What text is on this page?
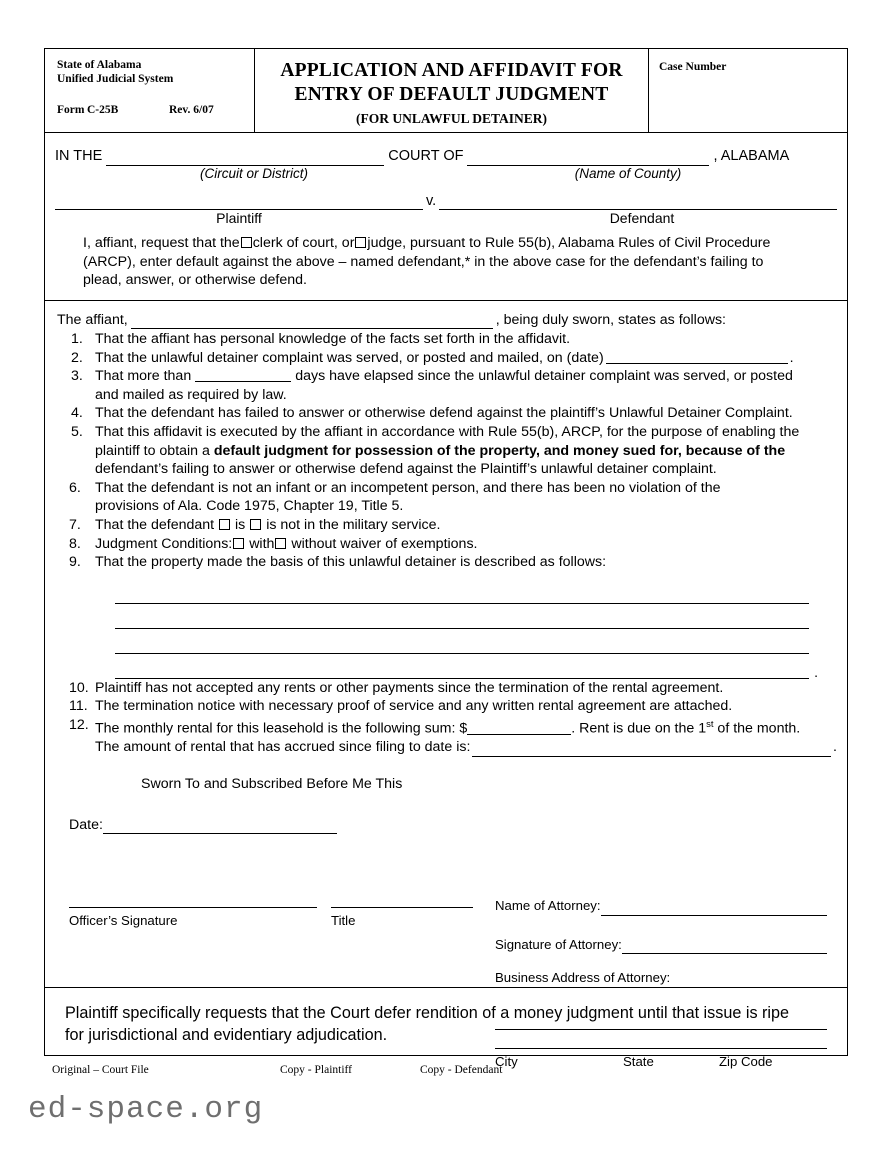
State of Alabama
Unified Judicial System
Form C-25B	Rev. 6/07
APPLICATION AND AFFIDAVIT FOR
ENTRY OF DEFAULT JUDGMENT
(FOR UNLAWFUL DETAINER)
Case Number
IN THE	COURT OF	, ALABAMA
(Circuit or District)	(Name of County)
v.
Plaintiff	Defendant
I, affiant, request that the clerk of court, or judge, pursuant to Rule 55(b), Alabama Rules of Civil Procedure
(ARCP), enter default against the above – named defendant,* in the above case for the defendant’s failing to
plead, answer, or otherwise defend.
The affiant,	, being duly sworn, states as follows:
1. That the affiant has personal knowledge of the facts set forth in the affidavit.
2. That the unlawful detainer complaint was served, or posted and mailed, on (date)	.
3. That more than	days have elapsed since the unlawful detainer complaint was served, or posted
and mailed as required by law.
4. That the defendant has failed to answer or otherwise defend against the plaintiff’s Unlawful Detainer Complaint.
5. That this affidavit is executed by the affiant in accordance with Rule 55(b), ARCP, for the purpose of enabling the
plaintiff to obtain a default judgment for possession of the property, and money sued for, because of the
defendant’s failing to answer or otherwise defend against the Plaintiff’s unlawful detainer complaint.
6. That the defendant is not an infant or an incompetent person, and there has been no violation of the
provisions of Ala. Code 1975, Chapter 19, Title 5.
7. That the defendant is is not in the military service.
8. Judgment Conditions: with without waiver of exemptions.
9. That the property made the basis of this unlawful detainer is described as follows:
.
10. Plaintiff has not accepted any rents or other payments since the termination of the rental agreement.
11. The termination notice with necessary proof of service and any written rental agreement are attached.
12. The monthly rental for this leasehold is the following sum: $	. Rent is due on the 1st of the month.
The amount of rental that has accrued since filing to date is:	.
Sworn To and Subscribed Before Me This
Date:
Officer’s Signature	Title
Name of Attorney:
Signature of Attorney:
Business Address of Attorney:
City	State	Zip Code
Plaintiff specifically requests that the Court defer rendition of a money judgment until that issue is ripe
for jurisdictional and evidentiary adjudication.
Original – Court File	Copy - Plaintiff	Copy - Defendant
ed-space.org
